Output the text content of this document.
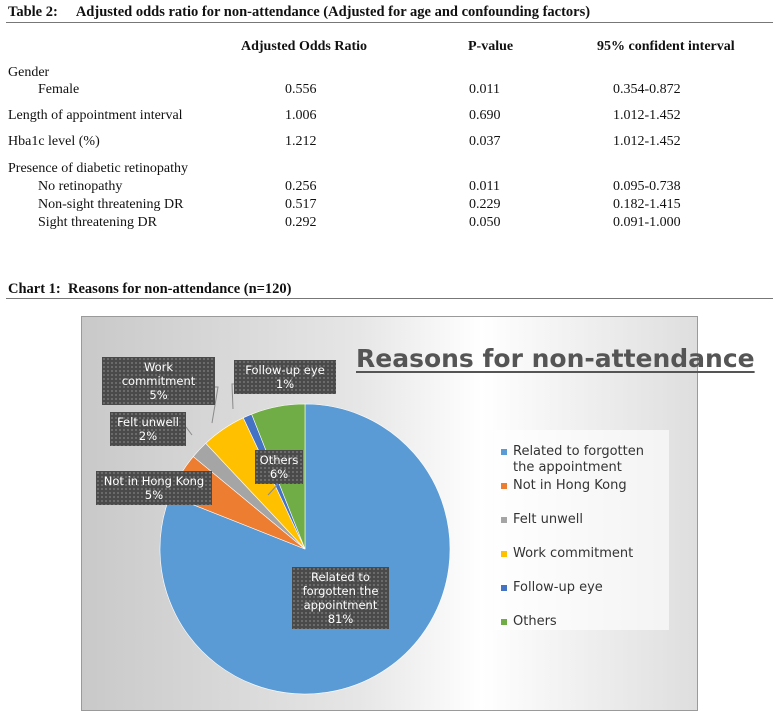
Table 2: Adjusted odds ratio for non-attendance (Adjusted for age and confounding factors)
Adjusted Odds Ratio	P-value	95% confident interval
Gender
Female	0.556	0.011	0.354-0.872
Length of appointment interval	1.006	0.690	1.012-1.452
Hba1c level (%)	1.212	0.037	1.012-1.452
Presence of diabetic retinopathy
No retinopathy	0.256	0.011	0.095-0.738
Non-sight threatening DR	0.517	0.229	0.182-1.415
Sight threatening DR	0.292	0.050	0.091-1.000
Chart 1: Reasons for non-attendance (n=120)
Reasons for non-attendance
Related to
forgotten the
appointment
81%
Not in Hong Kong
5%
Felt unwell
2%
Work commitment
5%
Follow-up eye
1%
Others
6%
Related to forgotten the appointment
Not in Hong Kong
Felt unwell
Work commitment
Follow-up eye
Others
